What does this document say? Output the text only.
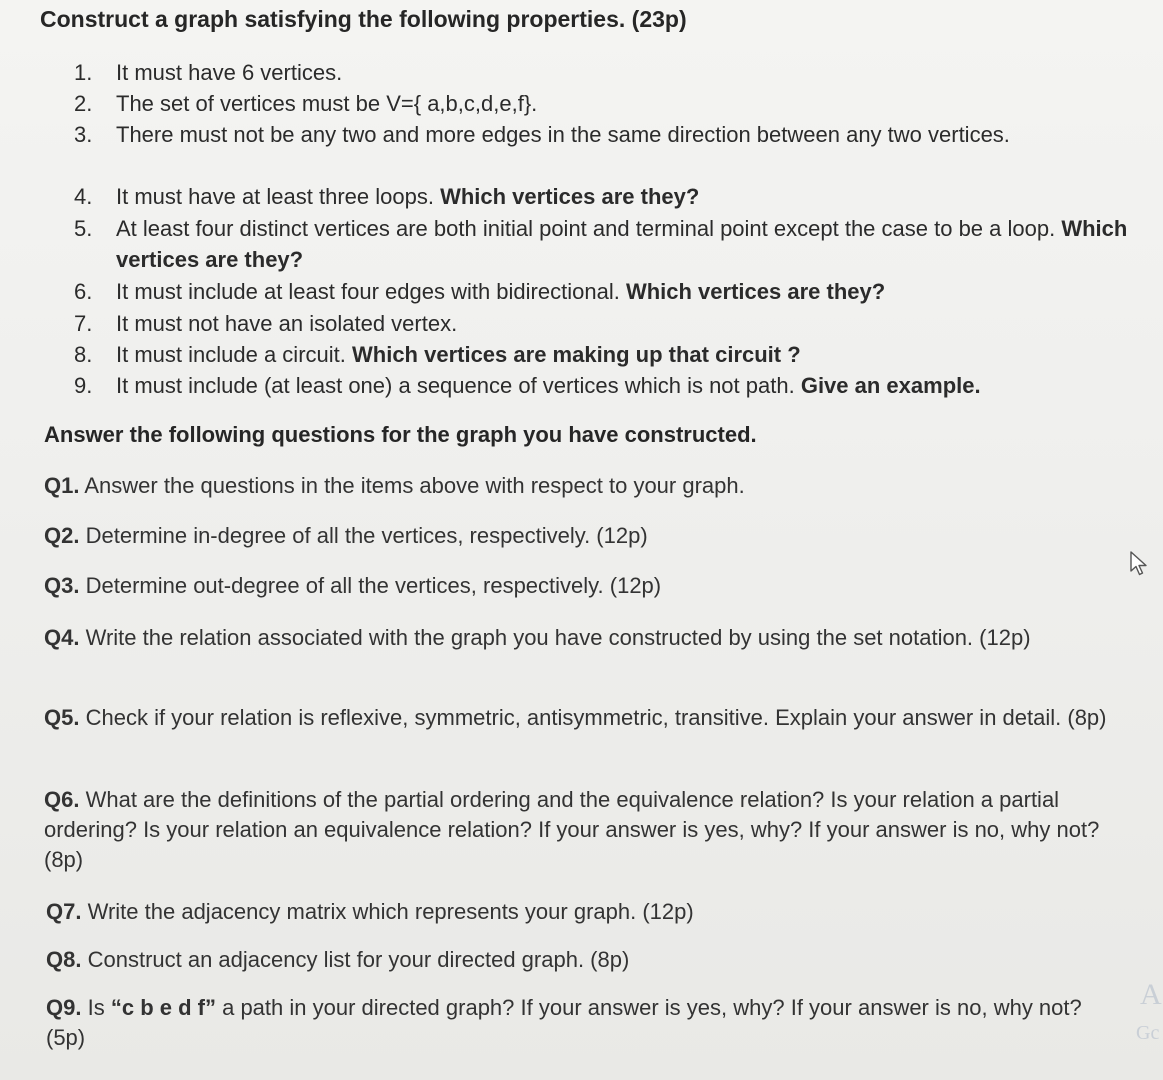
Construct a graph satisfying the following properties. (23p)
1.	It must have 6 vertices.
2.	The set of vertices must be V={ a,b,c,d,e,f}.
3.	There must not be any two and more edges in the same direction between any two vertices.
4.	It must have at least three loops. Which vertices are they?
5.	At least four distinct vertices are both initial point and terminal point except the case to be a loop. Which vertices are they?
6.	It must include at least four edges with bidirectional. Which vertices are they?
7.	It must not have an isolated vertex.
8.	It must include a circuit. Which vertices are making up that circuit ?
9.	It must include (at least one) a sequence of vertices which is not path. Give an example.
Answer the following questions for the graph you have constructed.
Q1. Answer the questions in the items above with respect to your graph.
Q2. Determine in-degree of all the vertices, respectively. (12p)
Q3. Determine out-degree of all the vertices, respectively. (12p)
Q4. Write the relation associated with the graph you have constructed by using the set notation. (12p)
Q5. Check if your relation is reflexive, symmetric, antisymmetric, transitive. Explain your answer in detail. (8p)
Q6. What are the definitions of the partial ordering and the equivalence relation? Is your relation a partial ordering? Is your relation an equivalence relation? If your answer is yes, why? If your answer is no, why not? (8p)
Q7. Write the adjacency matrix which represents your graph. (12p)
Q8. Construct an adjacency list for your directed graph. (8p)
Q9. Is “c b e d f” a path in your directed graph? If your answer is yes, why? If your answer is no, why not? (5p)
A
Gc
